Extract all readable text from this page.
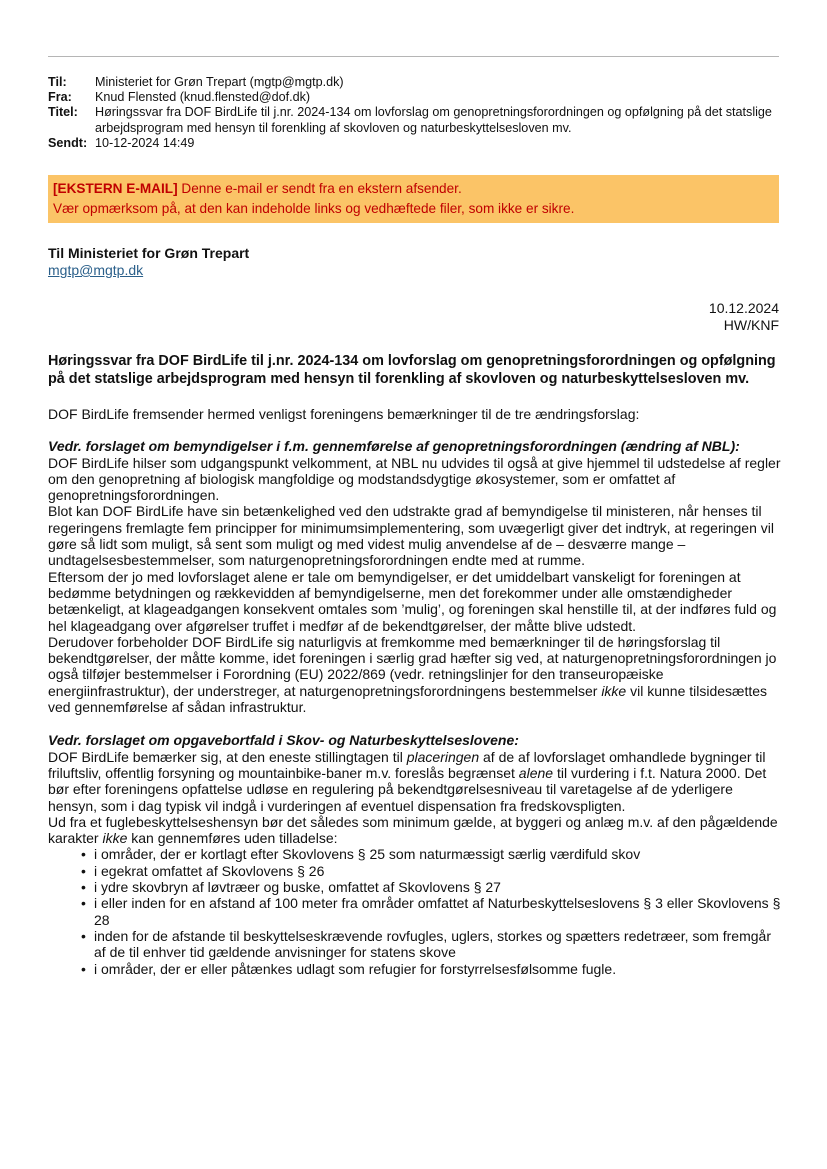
Til:	Ministeriet for Grøn Trepart (mgtp@mgtp.dk)
Fra:	Knud Flensted (knud.flensted@dof.dk)
Titel:	Høringssvar fra DOF BirdLife til j.nr. 2024-134 om lovforslag om genopretningsforordningen og opfølgning på det statslige arbejdsprogram med hensyn til forenkling af skovloven og naturbeskyttelsesloven mv.
Sendt: 10-12-2024 14:49
[EKSTERN E-MAIL] Denne e-mail er sendt fra en ekstern afsender.
Vær opmærksom på, at den kan indeholde links og vedhæftede filer, som ikke er sikre.
Til Ministeriet for Grøn Trepart
mgtp@mgtp.dk
10.12.2024
HW/KNF

Høringssvar fra DOF BirdLife til j.nr. 2024-134 om lovforslag om genopretningsforordningen og opfølgning på det statslige arbejdsprogram med hensyn til forenkling af skovloven og naturbeskyttelsesloven mv.

DOF BirdLife fremsender hermed venligst foreningens bemærkninger til de tre ændringsforslag:

Vedr. forslaget om bemyndigelser i f.m. gennemførelse af genopretningsforordningen (ændring af NBL):

DOF BirdLife hilser som udgangspunkt velkomment, at NBL nu udvides til også at give hjemmel til udstedelse af regler om den genopretning af biologisk mangfoldige og modstandsdygtige økosystemer, som er omfattet af genopretningsforordningen.

Blot kan DOF BirdLife have sin betænkelighed ved den udstrakte grad af bemyndigelse til ministeren, når henses til regeringens fremlagte fem principper for minimumsimplementering, som uvægerligt giver det indtryk, at regeringen vil gøre så lidt som muligt, så sent som muligt og med videst mulig anvendelse af de – desværre mange –undtagelsesbestemmelser, som naturgenopretningsforordningen endte med at rumme.

Eftersom der jo med lovforslaget alene er tale om bemyndigelser, er det umiddelbart vanskeligt for foreningen at bedømme betydningen og rækkevidden af bemyndigelserne, men det forekommer under alle omstændigheder betænkeligt, at klageadgangen konsekvent omtales som ’mulig’, og foreningen skal henstille til, at der indføres fuld og hel klageadgang over afgørelser truffet i medfør af de bekendtgørelser, der måtte blive udstedt.

Derudover forbeholder DOF BirdLife sig naturligvis at fremkomme med bemærkninger til de høringsforslag til bekendtgørelser, der måtte komme, idet foreningen i særlig grad hæfter sig ved, at naturgenopretningsforordningen jo også tilføjer bestemmelser i Forordning (EU) 2022/869 (vedr. retningslinjer for den transeuropæiske energiinfrastruktur), der understreger, at naturgenopretningsforordningens bestemmelser ikke vil kunne tilsidesættes ved gennemførelse af sådan infrastruktur.

Vedr. forslaget om opgavebortfald i Skov- og Naturbeskyttelseslovene:

DOF BirdLife bemærker sig, at den eneste stillingtagen til placeringen af de af lovforslaget omhandlede bygninger til friluftsliv, offentlig forsyning og mountainbike-baner m.v. foreslås begrænset alene til vurdering i f.t. Natura 2000. Det bør efter foreningens opfattelse udløse en regulering på bekendtgørelsesniveau til varetagelse af de yderligere hensyn, som i dag typisk vil indgå i vurderingen af eventuel dispensation fra fredskovspligten.

Ud fra et fuglebeskyttelseshensyn bør det således som minimum gælde, at byggeri og anlæg m.v. af den pågældende karakter ikke kan gennemføres uden tilladelse:

• i områder, der er kortlagt efter Skovlovens § 25 som naturmæssigt særlig værdifuld skov
• i egekrat omfattet af Skovlovens § 26
• i ydre skovbryn af løvtræer og buske, omfattet af Skovlovens § 27
• i eller inden for en afstand af 100 meter fra områder omfattet af Naturbeskyttelseslovens § 3 eller Skovlovens § 28
• inden for de afstande til beskyttelseskrævende rovfugles, uglers, storkes og spætters redetræer, som fremgår af de til enhver tid gældende anvisninger for statens skove
• i områder, der er eller påtænkes udlagt som refugier for forstyrrelsesfølsomme fugle.
